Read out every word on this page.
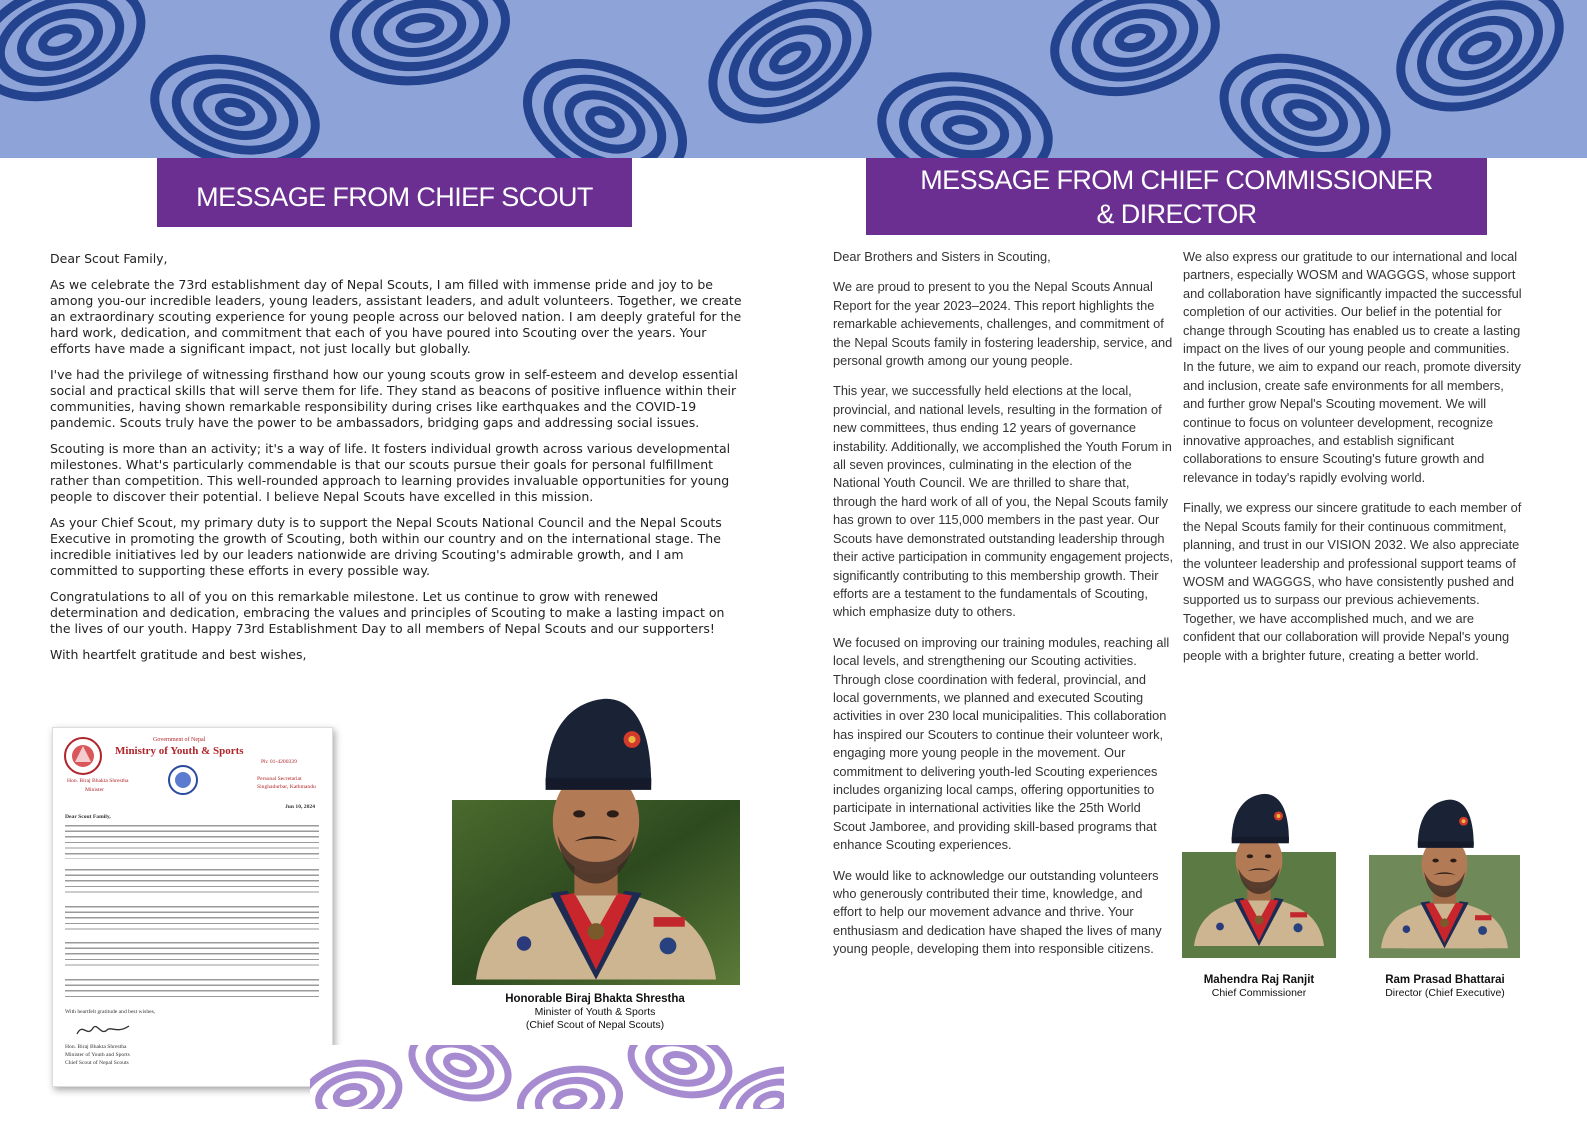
MESSAGE FROM CHIEF SCOUT

Dear Scout Family,

As we celebrate the 73rd establishment day of Nepal Scouts, I am filled with immense pride and joy to be among you-our incredible leaders, young leaders, assistant leaders, and adult volunteers. Together, we create an extraordinary scouting experience for young people across our beloved nation. I am deeply grateful for the hard work, dedication, and commitment that each of you have poured into Scouting over the years. Your efforts have made a significant impact, not just locally but globally.

I've had the privilege of witnessing firsthand how our young scouts grow in self-esteem and develop essential social and practical skills that will serve them for life. They stand as beacons of positive influence within their communities, having shown remarkable responsibility during crises Iike earthquakes and the COVID-19 pandemic. Scouts truly have the power to be ambassadors, bridging gaps and addressing social issues.

Scouting is more than an activity; it's a way of life. It fosters individual growth across various developmental milestones. What's particularly commendable is that our scouts pursue their goals for personal fulfillment rather than competition. This well-rounded approach to learning provides invaluable opportunities for young people to discover their potential. I believe Nepal Scouts have excelled in this mission.

As your Chief Scout, my primary duty is to support the Nepal Scouts National Council and the Nepal Scouts Executive in promoting the growth of Scouting, both within our country and on the international stage. The incredible initiatives led by our leaders nationwide are driving Scouting's admirable growth, and I am committed to supporting these efforts in every possible way.

Congratulations to all of you on this remarkable milestone. Let us continue to grow with renewed determination and dedication, embracing the values and principles of Scouting to make a lasting impact on the lives of our youth. Happy 73rd Establishment Day to all members of Nepal Scouts and our supporters!

With heartfelt gratitude and best wishes,

Government of Nepal
Ministry of Youth & Sports
Ph: 01-4200339
Hon. Biraj Bhakta Shrestha
Minister
Personal Secretariat
Singhadurbar, Kathmandu
Jun 10, 2024
Dear Scout Family,
With heartfelt gratitude and best wishes,
Hon. Biraj Bhakta Shrestha
Minister of Youth and Sports
Chief Scout of Nepal Scouts
Honorable Biraj Bhakta Shrestha
Minister of Youth & Sports
(Chief Scout of Nepal Scouts)
MESSAGE FROM CHIEF COMMISSIONER
& DIRECTOR

Dear Brothers and Sisters in Scouting,

We are proud to present to you the Nepal Scouts Annual Report for the year 2023–2024. This report highlights the remarkable achievements, challenges, and commitment of the Nepal Scouts family in fostering leadership, service, and personal growth among our young people.

This year, we successfully held elections at the local, provincial, and national levels, resulting in the formation of new committees, thus ending 12 years of governance instability. Additionally, we accomplished the Youth Forum in all seven provinces, culminating in the election of the National Youth Council. We are thrilled to share that, through the hard work of all of you, the Nepal Scouts family has grown to over 115,000 members in the past year. Our Scouts have demonstrated outstanding leadership through their active participation in community engagement projects, significantly contributing to this membership growth. Their efforts are a testament to the fundamentals of Scouting, which emphasize duty to others.

We focused on improving our training modules, reaching all local levels, and strengthening our Scouting activities. Through close coordination with federal, provincial, and local governments, we planned and executed Scouting activities in over 230 local municipalities. This collaboration has inspired our Scouters to continue their volunteer work, engaging more young people in the movement. Our commitment to delivering youth-led Scouting experiences includes organizing local camps, offering opportunities to participate in international activities like the 25th World Scout Jamboree, and providing skill-based programs that enhance Scouting experiences.

We would like to acknowledge our outstanding volunteers who generously contributed their time, knowledge, and effort to help our movement advance and thrive. Your enthusiasm and dedication have shaped the lives of many young people, developing them into responsible citizens.

We also express our gratitude to our international and local partners, especially WOSM and WAGGGS, whose support and collaboration have significantly impacted the successful completion of our activities. Our belief in the potential for change through Scouting has enabled us to create a lasting impact on the lives of our young people and communities. In the future, we aim to expand our reach, promote diversity and inclusion, create safe environments for all members, and further grow Nepal's Scouting movement. We will continue to focus on volunteer development, recognize innovative approaches, and establish significant collaborations to ensure Scouting's future growth and relevance in today's rapidly evolving world.

Finally, we express our sincere gratitude to each member of the Nepal Scouts family for their continuous commitment, planning, and trust in our VISION 2032. We also appreciate the volunteer leadership and professional support teams of WOSM and WAGGGS, who have consistently pushed and supported us to surpass our previous achievements. Together, we have accomplished much, and we are confident that our collaboration will provide Nepal's young people with a brighter future, creating a better world.

Mahendra Raj Ranjit
Chief Commissioner
Ram Prasad Bhattarai
Director (Chief Executive)
